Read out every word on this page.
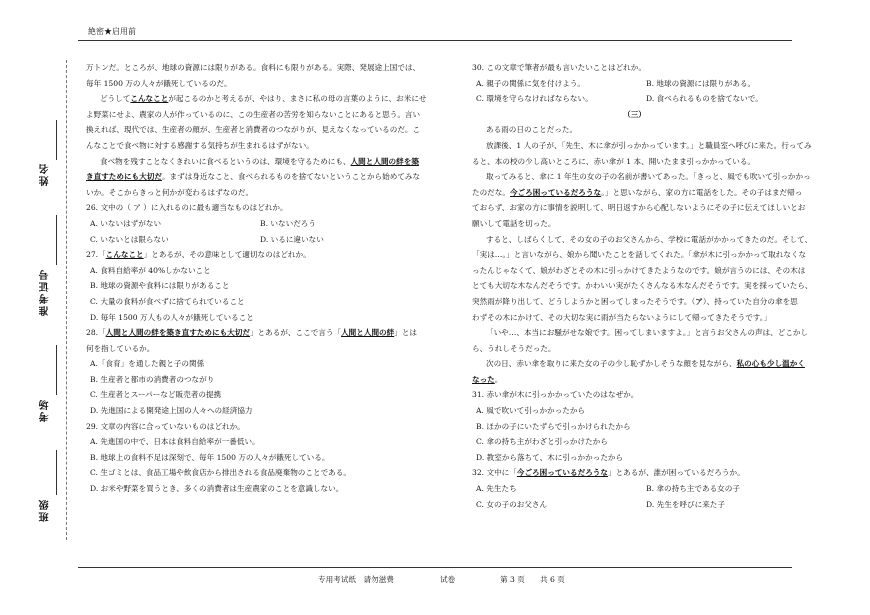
絶密★启用前
姓名
准考证号
考场
班级

万トンだ。ところが、地球の資源には限りがある。食料にも限りがある。実際、発展途上国では、

毎年 1500 万の人々が餓死しているのだ。

どうしてこんなことが起こるのかと考えるが、やはり、まさに私の母の言葉のように、お米にせ

よ野菜にせよ、農家の人が作っているのに、この生産者の苦労を知らないことにあると思う。言い

換えれば、現代では、生産者の顔が、生産者と消費者のつながりが、見えなくなっているのだ。こ

んなことで食べ物に対する感謝する気持ちが生まれるはずがない。

食べ物を残すことなくきれいに食べるというのは、環境を守るためにも、人間と人間の絆を築

き直すためにも大切だ。まずは身近なこと、食べられるものを捨てないということから始めてみな

いか。そこからきっと何かが変わるはずなのだ。

26. 文中の（ ア ）に入れるのに最も適当なものはどれか。

A. いないはずがない	B. いないだろう

C. いないとは限らない	D. いるに違いない

27.「こんなこと」とあるが、その意味として適切なのはどれか。

A. 食料自給率が 40%しかないこと

B. 地球の資源や食料には限りがあること

C. 大量の食料が食べずに捨てられていること

D. 毎年 1500 万人もの人々が餓死していること

28.「人間と人間の絆を築き直すためにも大切だ」とあるが、ここで言う「人間と人間の絆」とは

何を指しているか。

A.「食育」を通した親と子の関係

B. 生産者と都市の消費者のつながり

C. 生産者とスーパーなど販売者の提携

D. 先進国による開発途上国の人々への経済協力

29. 文章の内容に合っていないものはどれか。

A. 先進国の中で、日本は食料自給率が一番低い。

B. 地球上の食料不足は深刻で、毎年 1500 万の人々が餓死している。

C. 生ゴミとは、食品工場や飲食店から排出される食品廃棄物のことである。

D. お米や野菜を買うとき、多くの消費者は生産農家のことを意識しない。

30. この文章で筆者が最も言いたいことはどれか。

A. 親子の関係に気を付けよう。	B. 地球の資源には限りがある。

C. 環境を守らなければならない。	D. 食べられるものを捨てないで。

（三）

ある雨の日のことだった。

放課後、1 人の子が、「先生、木に傘が引っかかっています。」と職員室へ呼びに来た。行ってみ

ると、本の校の少し高いところに、赤い傘が 1 本、開いたまま引っかかっている。

取ってみると、傘に 1 年生の女の子の名前が書いてあった。「きっと、風でも吹いて引っかかっ

たのだな。今ごろ困っているだろうな。」と思いながら、家の方に電話をした。その子はまだ帰っ

ておらず、お家の方に事情を説明して、明日返すから心配しないようにその子に伝えてほしいとお

願いして電話を切った。

すると、しばらくして、その女の子のお父さんから、学校に電話がかかってきたのだ。そして、

「実は…。」と言いながら、娘から聞いたことを話してくれた。「傘が木に引っかかって取れなくな

ったんじゃなくて、娘がわざとその木に引っかけてきたようなのです。娘が言うのには、その木は

とても大切な木なんだそうです。かわいい実がたくさんなる木なんだそうです。実を採っていたら、

突然雨が降り出して、どうしようかと困ってしまったそうです。（ア）、持っていた自分の傘を思

わずその木にかけて、その大切な実に雨が当たらないようにして帰ってきたそうです。」

「いや…、本当にお騒がせな娘です。困ってしまいますよ。」と言うお父さんの声は、どこかし

ら、うれしそうだった。

次の日、赤い傘を取りに来た女の子の少し恥ずかしそうな顔を見ながら、私の心も少し温かく

なった。

31. 赤い傘が木に引っかかっていたのはなぜか。

A. 風で吹いて引っかかったから

B. ほかの子にいたずらで引っかけられたから

C. 傘の持ち主がわざと引っかけたから

D. 教室から落ちて、木に引っかかったから

32. 文中に「今ごろ困っているだろうな」とあるが、誰が困っているだろうか。

A. 先生たち	B. 傘の持ち主である女の子

C. 女の子のお父さん	D. 先生を呼びに来た子

专用考试纸　请勿滋费	试卷	第 3 页 共 6 页
